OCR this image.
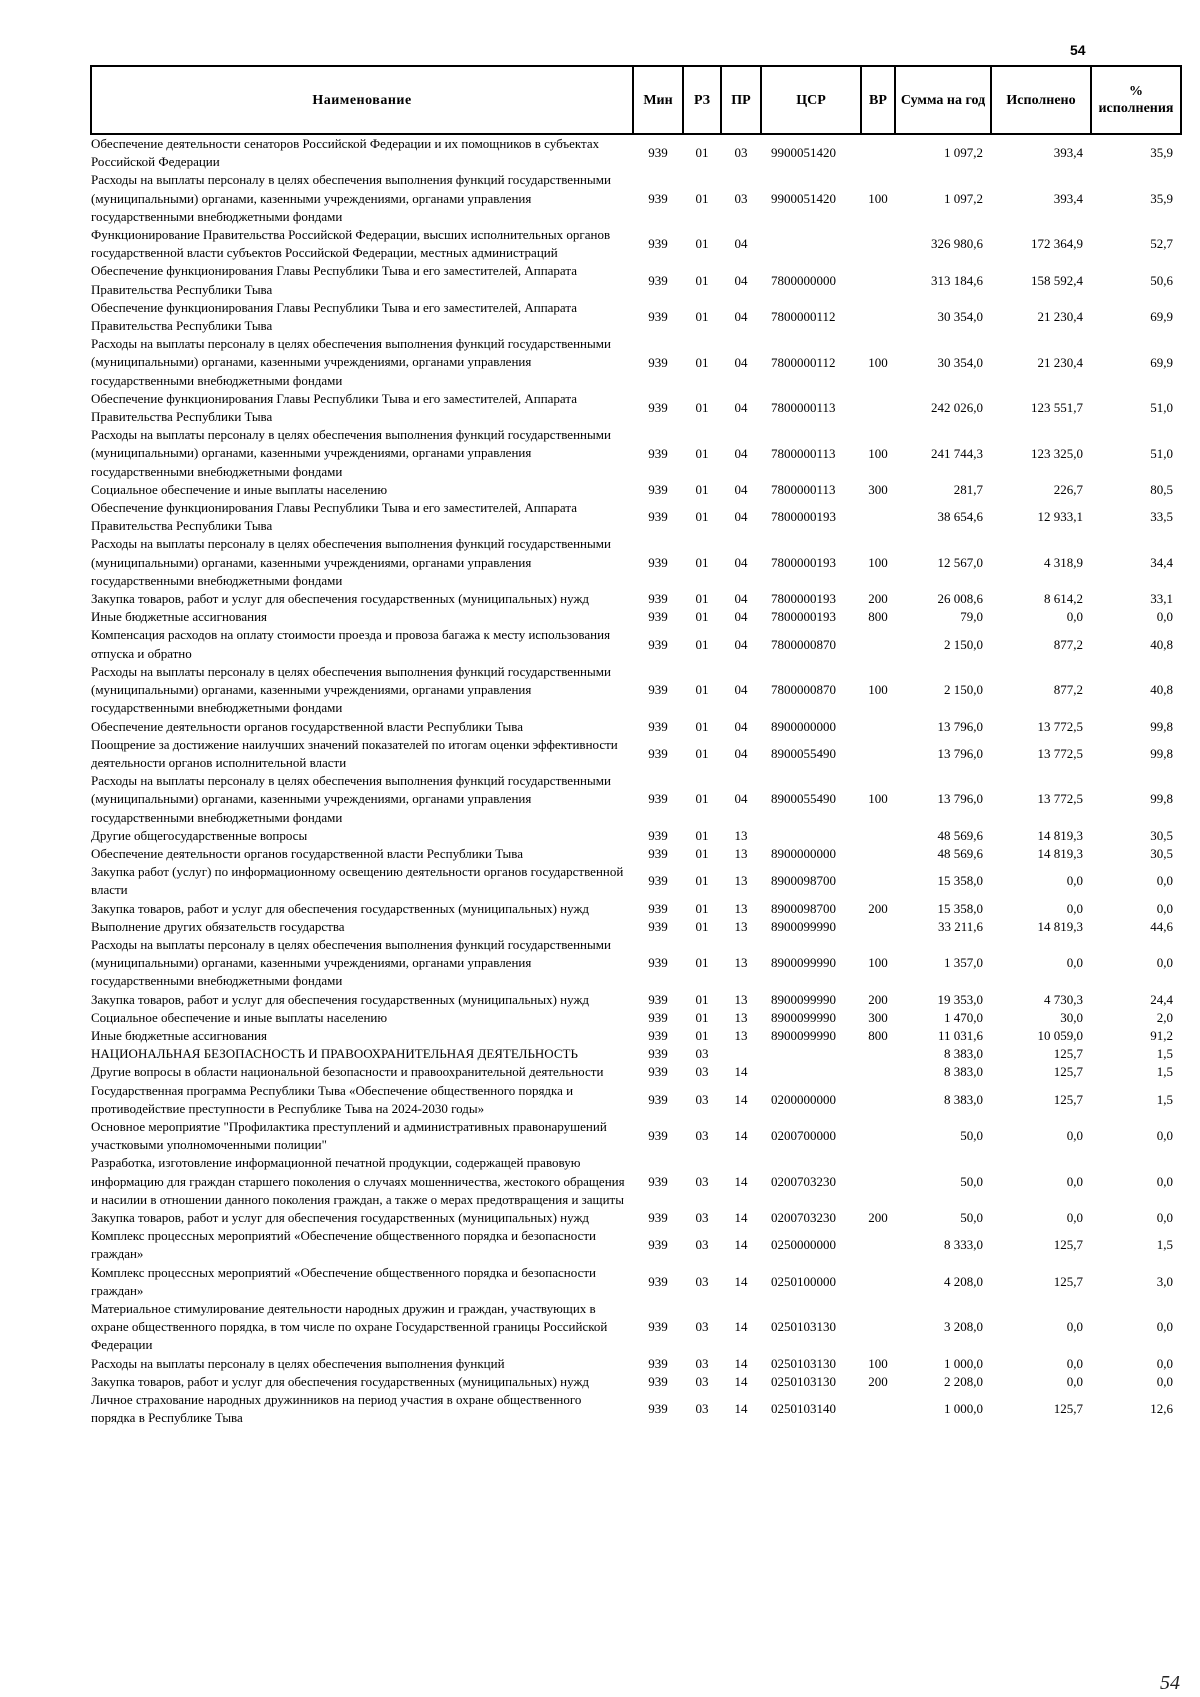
54
Наименование	Мин	РЗ	ПР	ЦСР	ВР	Сумма на год	Исполнено	% исполнения
Обеспечение деятельности сенаторов Российской Федерации и их помощников в субъектах Российской Федерации	939	01	03	9900051420		1 097,2	393,4	35,9
Расходы на выплаты персоналу в целях обеспечения выполнения функций государственными (муниципальными) органами, казенными учреждениями, органами управления государственными внебюджетными фондами	939	01	03	9900051420	100	1 097,2	393,4	35,9
Функционирование Правительства Российской Федерации, высших исполнительных органов государственной власти субъектов Российской Федерации, местных администраций	939	01	04			326 980,6	172 364,9	52,7
Обеспечение функционирования Главы Республики Тыва и его заместителей, Аппарата Правительства Республики Тыва	939	01	04	7800000000		313 184,6	158 592,4	50,6
Обеспечение функционирования Главы Республики Тыва и его заместителей, Аппарата Правительства Республики Тыва	939	01	04	7800000112		30 354,0	21 230,4	69,9
Расходы на выплаты персоналу в целях обеспечения выполнения функций государственными (муниципальными) органами, казенными учреждениями, органами управления государственными внебюджетными фондами	939	01	04	7800000112	100	30 354,0	21 230,4	69,9
Обеспечение функционирования Главы Республики Тыва и его заместителей, Аппарата Правительства Республики Тыва	939	01	04	7800000113		242 026,0	123 551,7	51,0
Расходы на выплаты персоналу в целях обеспечения выполнения функций государственными (муниципальными) органами, казенными учреждениями, органами управления государственными внебюджетными фондами	939	01	04	7800000113	100	241 744,3	123 325,0	51,0
Социальное обеспечение и иные выплаты населению	939	01	04	7800000113	300	281,7	226,7	80,5
Обеспечение функционирования Главы Республики Тыва и его заместителей, Аппарата Правительства Республики Тыва	939	01	04	7800000193		38 654,6	12 933,1	33,5
Расходы на выплаты персоналу в целях обеспечения выполнения функций государственными (муниципальными) органами, казенными учреждениями, органами управления государственными внебюджетными фондами	939	01	04	7800000193	100	12 567,0	4 318,9	34,4
Закупка товаров, работ и услуг для обеспечения государственных (муниципальных) нужд	939	01	04	7800000193	200	26 008,6	8 614,2	33,1
Иные бюджетные ассигнования	939	01	04	7800000193	800	79,0	0,0	0,0
Компенсация расходов на оплату стоимости проезда и провоза багажа к месту использования отпуска и обратно	939	01	04	7800000870		2 150,0	877,2	40,8
Расходы на выплаты персоналу в целях обеспечения выполнения функций государственными (муниципальными) органами, казенными учреждениями, органами управления государственными внебюджетными фондами	939	01	04	7800000870	100	2 150,0	877,2	40,8
Обеспечение деятельности органов государственной власти Республики Тыва	939	01	04	8900000000		13 796,0	13 772,5	99,8
Поощрение за достижение наилучших значений показателей по итогам оценки эффективности деятельности органов исполнительной власти	939	01	04	8900055490		13 796,0	13 772,5	99,8
Расходы на выплаты персоналу в целях обеспечения выполнения функций государственными (муниципальными) органами, казенными учреждениями, органами управления государственными внебюджетными фондами	939	01	04	8900055490	100	13 796,0	13 772,5	99,8
Другие общегосударственные вопросы	939	01	13			48 569,6	14 819,3	30,5
Обеспечение деятельности органов государственной власти Республики Тыва	939	01	13	8900000000		48 569,6	14 819,3	30,5
Закупка работ (услуг) по информационному освещению деятельности органов государственной власти	939	01	13	8900098700		15 358,0	0,0	0,0
Закупка товаров, работ и услуг для обеспечения государственных (муниципальных) нужд	939	01	13	8900098700	200	15 358,0	0,0	0,0
Выполнение других обязательств государства	939	01	13	8900099990		33 211,6	14 819,3	44,6
Расходы на выплаты персоналу в целях обеспечения выполнения функций государственными (муниципальными) органами, казенными учреждениями, органами управления государственными внебюджетными фондами	939	01	13	8900099990	100	1 357,0	0,0	0,0
Закупка товаров, работ и услуг для обеспечения государственных (муниципальных) нужд	939	01	13	8900099990	200	19 353,0	4 730,3	24,4
Социальное обеспечение и иные выплаты населению	939	01	13	8900099990	300	1 470,0	30,0	2,0
Иные бюджетные ассигнования	939	01	13	8900099990	800	11 031,6	10 059,0	91,2
НАЦИОНАЛЬНАЯ БЕЗОПАСНОСТЬ И ПРАВООХРАНИТЕЛЬНАЯ ДЕЯТЕЛЬНОСТЬ	939	03				8 383,0	125,7	1,5
Другие вопросы в области национальной безопасности и правоохранительной деятельности	939	03	14			8 383,0	125,7	1,5
Государственная программа Республики Тыва «Обеспечение общественного порядка и противодействие преступности в Республике Тыва на 2024-2030 годы»	939	03	14	0200000000		8 383,0	125,7	1,5
Основное мероприятие "Профилактика преступлений и административных правонарушений участковыми уполномоченными полиции"	939	03	14	0200700000		50,0	0,0	0,0
Разработка, изготовление информационной печатной продукции, содержащей правовую информацию для граждан старшего поколения о случаях мошенничества, жестокого обращения и насилии в отношении данного поколения граждан, а также о мерах предотвращения и защиты	939	03	14	0200703230		50,0	0,0	0,0
Закупка товаров, работ и услуг для обеспечения государственных (муниципальных) нужд	939	03	14	0200703230	200	50,0	0,0	0,0
Комплекс процессных мероприятий «Обеспечение общественного порядка и безопасности граждан»	939	03	14	0250000000		8 333,0	125,7	1,5
Комплекс процессных мероприятий «Обеспечение общественного порядка и безопасности граждан»	939	03	14	0250100000		4 208,0	125,7	3,0
Материальное стимулирование деятельности народных дружин и граждан, участвующих в охране общественного порядка, в том числе по охране Государственной границы Российской Федерации	939	03	14	0250103130		3 208,0	0,0	0,0
Расходы на выплаты персоналу в целях обеспечения выполнения функций	939	03	14	0250103130	100	1 000,0	0,0	0,0
Закупка товаров, работ и услуг для обеспечения государственных (муниципальных) нужд	939	03	14	0250103130	200	2 208,0	0,0	0,0
Личное страхование народных дружинников на период участия в охране общественного порядка в Республике Тыва	939	03	14	0250103140		1 000,0	125,7	12,6
54
